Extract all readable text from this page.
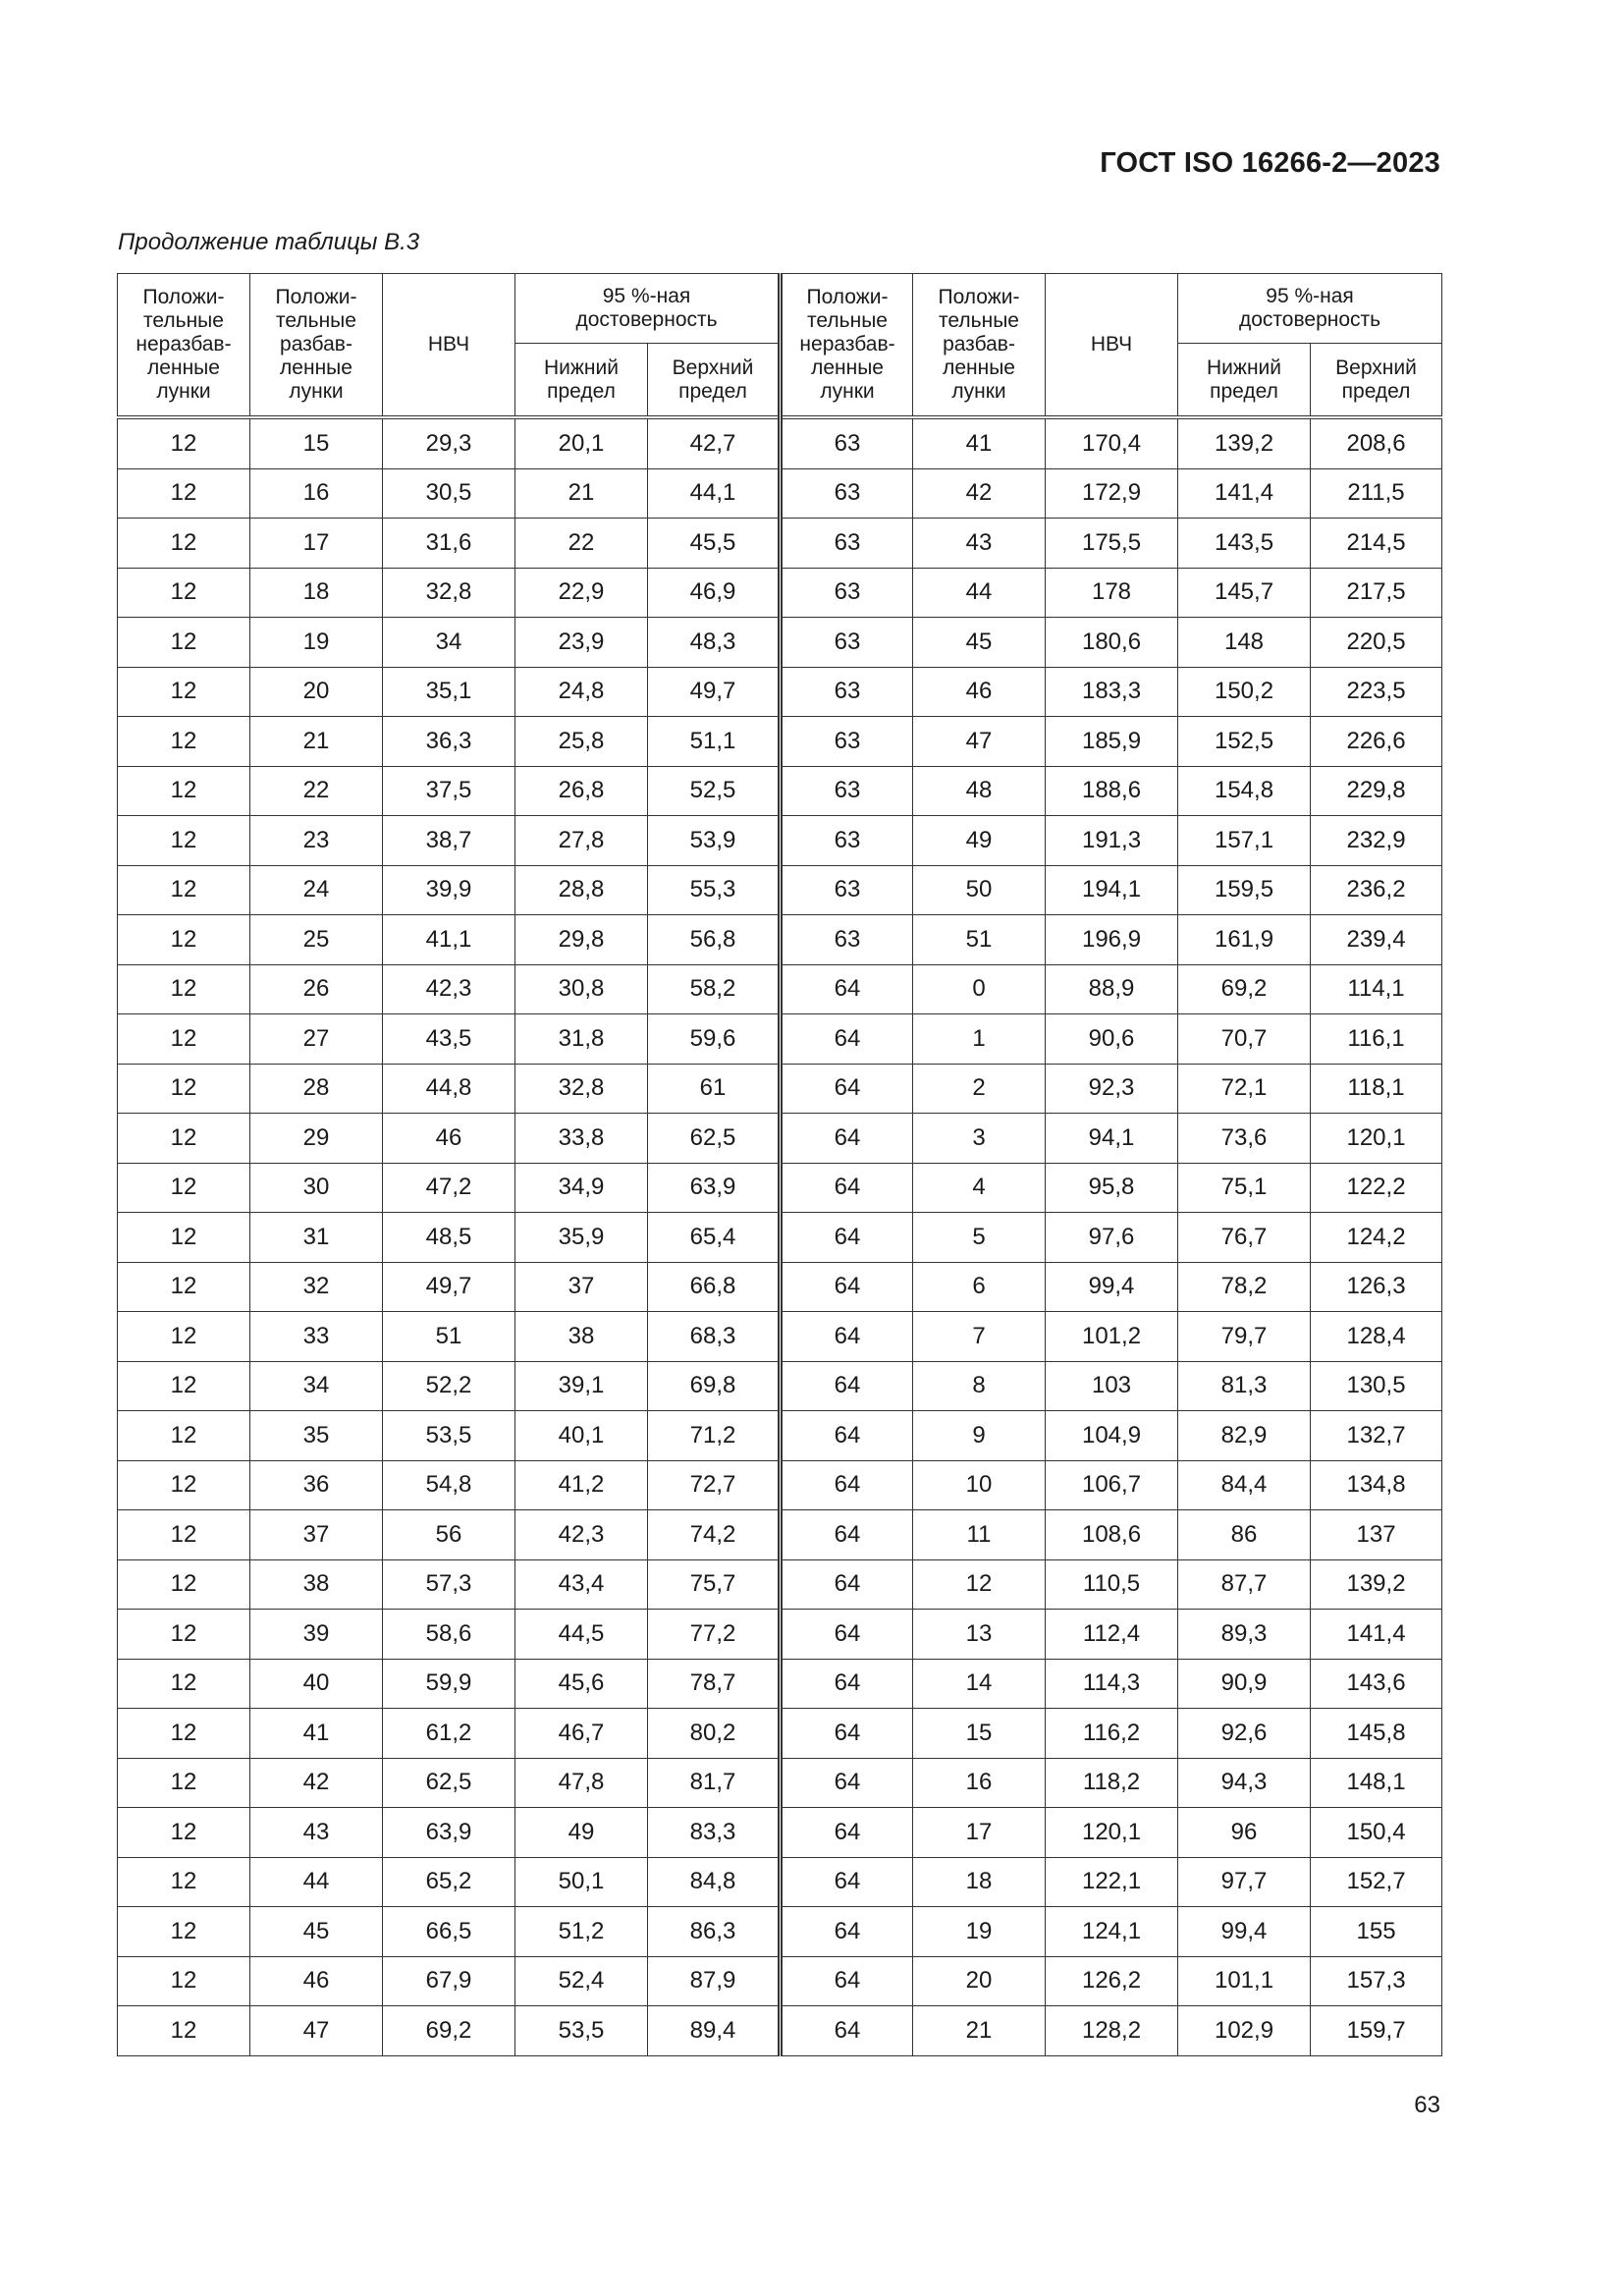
ГОСТ ISO 16266-2—2023
Продолжение таблицы В.3
Положи-
тельные
неразбав-
ленные
лунки	Положи-
тельные
разбав-
ленные
лунки	НВЧ	95 %-ная
достоверность		Положи-
тельные
неразбав-
ленные
лунки	Положи-
тельные
разбав-
ленные
лунки	НВЧ	95 %-ная
достоверность	
			Нижний
предел	Верхний
предел				Нижний
предел	Верхний
предел
12	15	29,3	20,1	42,7	63	41	170,4	139,2	208,6
12	16	30,5	21	44,1	63	42	172,9	141,4	211,5
12	17	31,6	22	45,5	63	43	175,5	143,5	214,5
12	18	32,8	22,9	46,9	63	44	178	145,7	217,5
12	19	34	23,9	48,3	63	45	180,6	148	220,5
12	20	35,1	24,8	49,7	63	46	183,3	150,2	223,5
12	21	36,3	25,8	51,1	63	47	185,9	152,5	226,6
12	22	37,5	26,8	52,5	63	48	188,6	154,8	229,8
12	23	38,7	27,8	53,9	63	49	191,3	157,1	232,9
12	24	39,9	28,8	55,3	63	50	194,1	159,5	236,2
12	25	41,1	29,8	56,8	63	51	196,9	161,9	239,4
12	26	42,3	30,8	58,2	64	0	88,9	69,2	114,1
12	27	43,5	31,8	59,6	64	1	90,6	70,7	116,1
12	28	44,8	32,8	61	64	2	92,3	72,1	118,1
12	29	46	33,8	62,5	64	3	94,1	73,6	120,1
12	30	47,2	34,9	63,9	64	4	95,8	75,1	122,2
12	31	48,5	35,9	65,4	64	5	97,6	76,7	124,2
12	32	49,7	37	66,8	64	6	99,4	78,2	126,3
12	33	51	38	68,3	64	7	101,2	79,7	128,4
12	34	52,2	39,1	69,8	64	8	103	81,3	130,5
12	35	53,5	40,1	71,2	64	9	104,9	82,9	132,7
12	36	54,8	41,2	72,7	64	10	106,7	84,4	134,8
12	37	56	42,3	74,2	64	11	108,6	86	137
12	38	57,3	43,4	75,7	64	12	110,5	87,7	139,2
12	39	58,6	44,5	77,2	64	13	112,4	89,3	141,4
12	40	59,9	45,6	78,7	64	14	114,3	90,9	143,6
12	41	61,2	46,7	80,2	64	15	116,2	92,6	145,8
12	42	62,5	47,8	81,7	64	16	118,2	94,3	148,1
12	43	63,9	49	83,3	64	17	120,1	96	150,4
12	44	65,2	50,1	84,8	64	18	122,1	97,7	152,7
12	45	66,5	51,2	86,3	64	19	124,1	99,4	155
12	46	67,9	52,4	87,9	64	20	126,2	101,1	157,3
12	47	69,2	53,5	89,4	64	21	128,2	102,9	159,7
63
